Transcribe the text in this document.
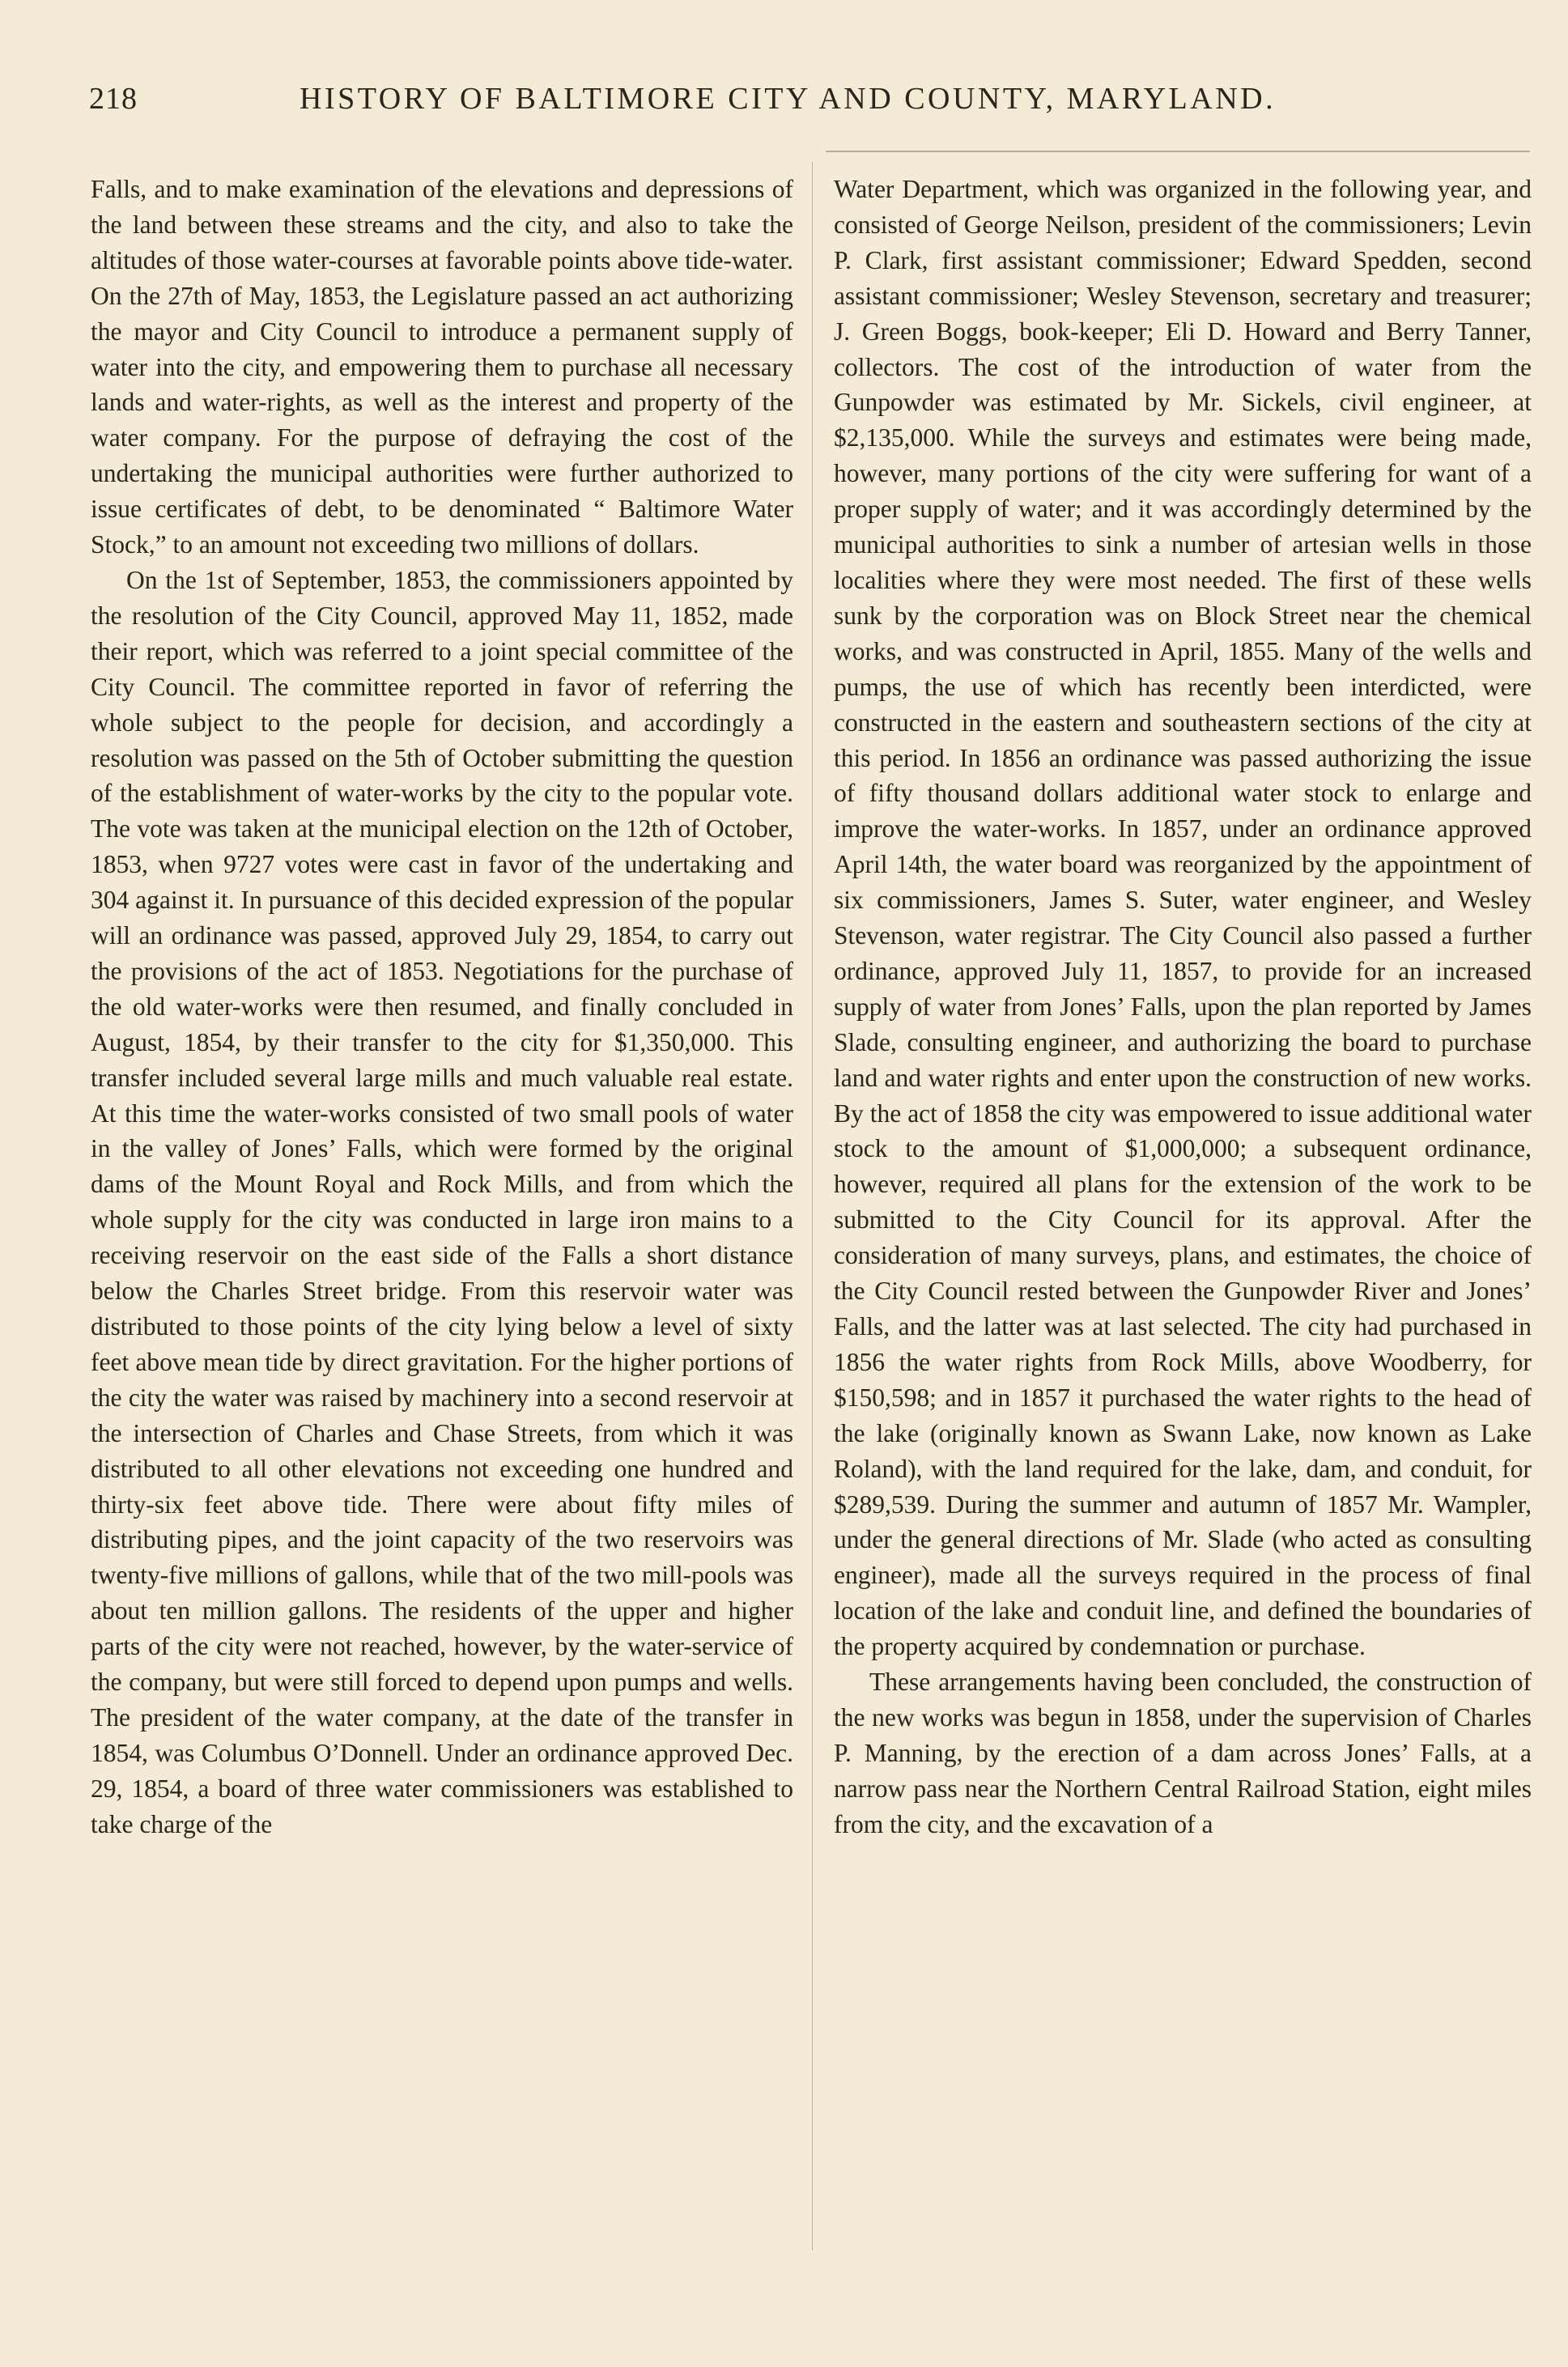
218	HISTORY OF BALTIMORE CITY AND COUNTY, MARYLAND.

Falls, and to make examination of the elevations and depressions of the land between these streams and the city, and also to take the altitudes of those water-courses at favorable points above tide-water. On the 27th of May, 1853, the Legislature passed an act authorizing the mayor and City Council to introduce a permanent supply of water into the city, and empowering them to purchase all necessary lands and water-rights, as well as the interest and property of the water company. For the purpose of defraying the cost of the undertaking the municipal authorities were further authorized to issue certificates of debt, to be denominated “ Baltimore Water Stock,” to an amount not exceeding two millions of dollars.

On the 1st of September, 1853, the commissioners appointed by the resolution of the City Council, approved May 11, 1852, made their report, which was referred to a joint special committee of the City Council. The committee reported in favor of referring the whole subject to the people for decision, and accordingly a resolution was passed on the 5th of October submitting the question of the establishment of water-works by the city to the popular vote. The vote was taken at the municipal election on the 12th of October, 1853, when 9727 votes were cast in favor of the undertaking and 304 against it. In pursuance of this decided expression of the popular will an ordinance was passed, approved July 29, 1854, to carry out the provisions of the act of 1853. Negotiations for the purchase of the old water-works were then resumed, and finally concluded in August, 1854, by their transfer to the city for $1,350,000. This transfer included several large mills and much valuable real estate. At this time the water-works consisted of two small pools of water in the valley of Jones’ Falls, which were formed by the original dams of the Mount Royal and Rock Mills, and from which the whole supply for the city was conducted in large iron mains to a receiving reservoir on the east side of the Falls a short distance below the Charles Street bridge. From this reservoir water was distributed to those points of the city lying below a level of sixty feet above mean tide by direct gravitation. For the higher portions of the city the water was raised by machinery into a second reservoir at the intersection of Charles and Chase Streets, from which it was distributed to all other elevations not exceeding one hundred and thirty-six feet above tide. There were about fifty miles of distributing pipes, and the joint capacity of the two reservoirs was twenty-five millions of gallons, while that of the two mill-pools was about ten million gallons. The residents of the upper and higher parts of the city were not reached, however, by the water-service of the company, but were still forced to depend upon pumps and wells. The president of the water company, at the date of the transfer in 1854, was Columbus O’Donnell. Under an ordinance approved Dec. 29, 1854, a board of three water commissioners was established to take charge of the

Water Department, which was organized in the following year, and consisted of George Neilson, president of the commissioners; Levin P. Clark, first assistant commissioner; Edward Spedden, second assistant commissioner; Wesley Stevenson, secretary and treasurer; J. Green Boggs, book-keeper; Eli D. Howard and Berry Tanner, collectors. The cost of the introduction of water from the Gunpowder was estimated by Mr. Sickels, civil engineer, at $2,135,000. While the surveys and estimates were being made, however, many portions of the city were suffering for want of a proper supply of water; and it was accordingly determined by the municipal authorities to sink a number of artesian wells in those localities where they were most needed. The first of these wells sunk by the corporation was on Block Street near the chemical works, and was constructed in April, 1855. Many of the wells and pumps, the use of which has recently been interdicted, were constructed in the eastern and southeastern sections of the city at this period. In 1856 an ordinance was passed authorizing the issue of fifty thousand dollars additional water stock to enlarge and improve the water-works. In 1857, under an ordinance approved April 14th, the water board was reorganized by the appointment of six commissioners, James S. Suter, water engineer, and Wesley Stevenson, water registrar. The City Council also passed a further ordinance, approved July 11, 1857, to provide for an increased supply of water from Jones’ Falls, upon the plan reported by James Slade, consulting engineer, and authorizing the board to purchase land and water rights and enter upon the construction of new works. By the act of 1858 the city was empowered to issue additional water stock to the amount of $1,000,000; a subsequent ordinance, however, required all plans for the extension of the work to be submitted to the City Council for its approval. After the consideration of many surveys, plans, and estimates, the choice of the City Council rested between the Gunpowder River and Jones’ Falls, and the latter was at last selected. The city had purchased in 1856 the water rights from Rock Mills, above Woodberry, for $150,598; and in 1857 it purchased the water rights to the head of the lake (originally known as Swann Lake, now known as Lake Roland), with the land required for the lake, dam, and conduit, for $289,539. During the summer and autumn of 1857 Mr. Wampler, under the general directions of Mr. Slade (who acted as consulting engineer), made all the surveys required in the process of final location of the lake and conduit line, and defined the boundaries of the property acquired by condemnation or purchase.

These arrangements having been concluded, the construction of the new works was begun in 1858, under the supervision of Charles P. Manning, by the erection of a dam across Jones’ Falls, at a narrow pass near the Northern Central Railroad Station, eight miles from the city, and the excavation of a
